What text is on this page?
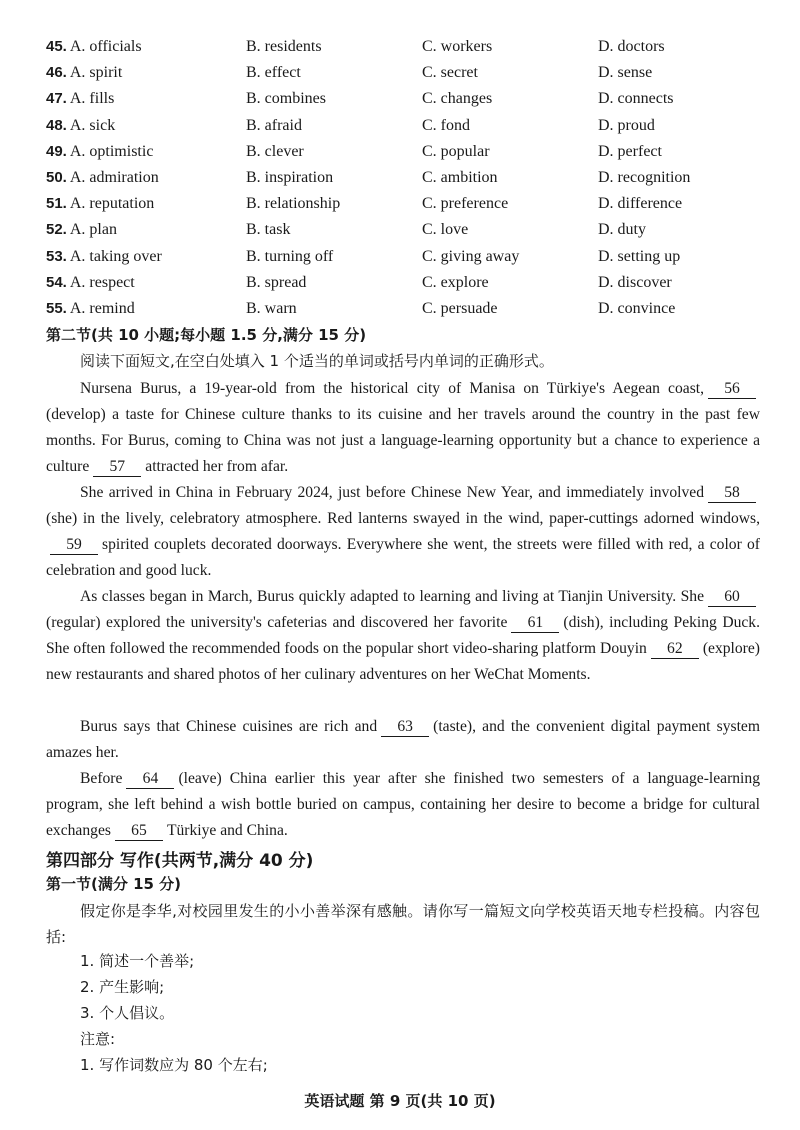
45. A. officials	B. residents	C. workers	D. doctors
46. A. spirit	B. effect	C. secret	D. sense
47. A. fills	B. combines	C. changes	D. connects
48. A. sick	B. afraid	C. fond	D. proud
49. A. optimistic	B. clever	C. popular	D. perfect
50. A. admiration	B. inspiration	C. ambition	D. recognition
51. A. reputation	B. relationship	C. preference	D. difference
52. A. plan	B. task	C. love	D. duty
53. A. taking over	B. turning off	C. giving away	D. setting up
54. A. respect	B. spread	C. explore	D. discover
55. A. remind	B. warn	C. persuade	D. convince
第二节(共 10 小题;每小题 1.5 分,满分 15 分)
阅读下面短文,在空白处填入 1 个适当的单词或括号内单词的正确形式。
Nursena Burus, a 19-year-old from the historical city of Manisa on Türkiye's Aegean coast, 56(develop) a taste for Chinese culture thanks to its cuisine and her travels around the country in the past few months. For Burus, coming to China was not just a language-learning opportunity but a chance to experience a culture 57 attracted her from afar.
She arrived in China in February 2024, just before Chinese New Year, and immediately involved 58(she) in the lively, celebratory atmosphere. Red lanterns swayed in the wind, paper-cuttings adorned windows,59 spirited couplets decorated doorways. Everywhere she went, the streets were filled with red, a color of celebration and good luck.
As classes began in March, Burus quickly adapted to learning and living at Tianjin University. She 60(regular) explored the university's cafeterias and discovered her favorite 61 (dish), including Peking Duck. She often followed the recommended foods on the popular short video-sharing platform Douyin 62 (explore) new restaurants and shared photos of her culinary adventures on her WeChat Moments.
Burus says that Chinese cuisines are rich and 63 (taste), and the convenient digital payment system amazes her.
Before 64 (leave) China earlier this year after she finished two semesters of a language-learning program, she left behind a wish bottle buried on campus, containing her desire to become a bridge for cultural exchanges 65 Türkiye and China.
第四部分 写作(共两节,满分 40 分)
第一节(满分 15 分)
假定你是李华,对校园里发生的小小善举深有感触。请你写一篇短文向学校英语天地专栏投稿。内容包括:
1. 简述一个善举;
2. 产生影响;
3. 个人倡议。
注意:
1. 写作词数应为 80 个左右;
英语试题 第 9 页(共 10 页)
